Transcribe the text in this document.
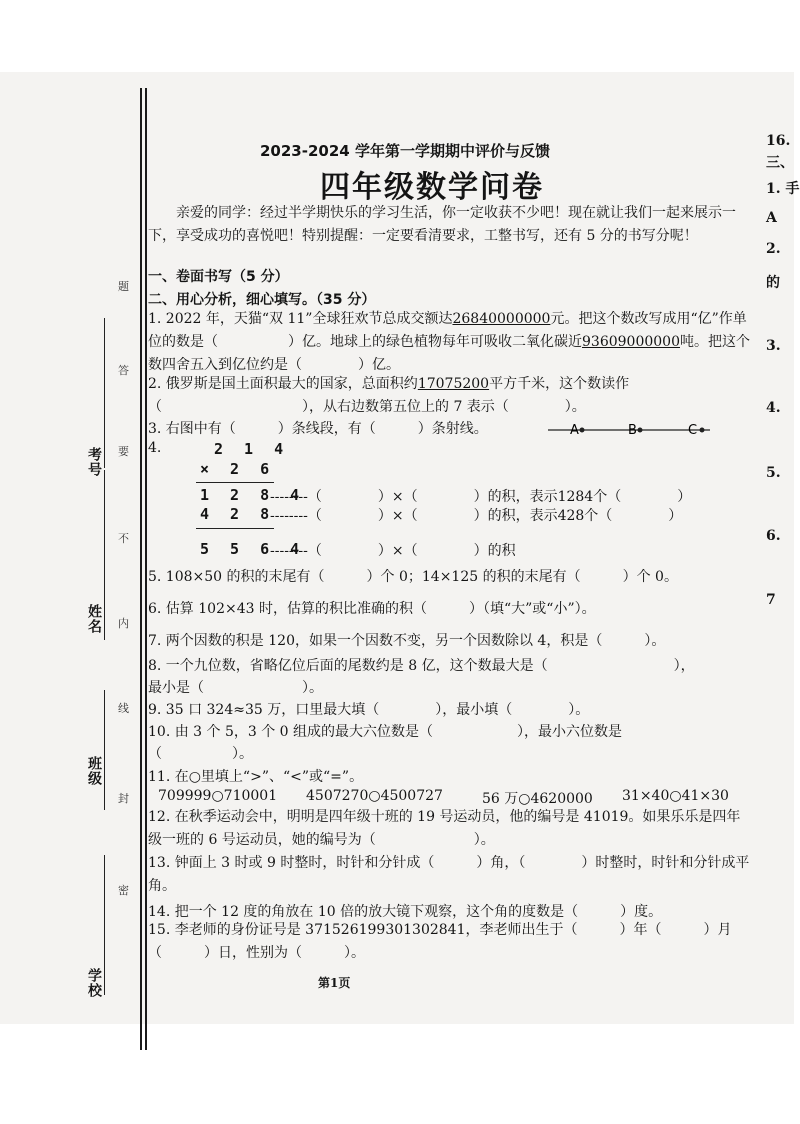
学校
班级
姓名
考号
题
答
要
不
内
线
封
密
2023-2024 学年第一学期期中评价与反馈
四年级数学问卷
亲爱的同学：经过半学期快乐的学习生活，你一定收获不少吧！现在就让我们一起来展示一下，享受成功的喜悦吧！特别提醒：一定要看清要求，工整书写，还有 5 分的书写分呢！
一、卷面书写（5 分）
二、用心分析，细心填写。（35 分）
1. 2022 年，天猫“双 11”全球狂欢节总成交额达26840000000元。把这个数改写成用“亿”作单位的数是（　　　　　）亿。地球上的绿色植物每年可吸收二氧化碳近93609000000吨。把这个数四舍五入到亿位约是（　　　　）亿。
2. 俄罗斯是国土面积最大的国家，总面积约17075200平方千米，这个数读作（　　　　　　　　　　），从右边数第五位上的 7 表示（　　　　）。
3. 右图中有（　　　）条线段，有（　　　）条射线。	A	B	C
4.	2 1 4
× 2 6
1 2 8 4
--------（　　　　）×（　　　　）的积，表示1284个（　　　　）
4 2 8
--------（　　　　）×（　　　　）的积，表示428个（　　　　）
5 5 6 4
--------（　　　　）×（　　　　）的积
5. 108×50 的积的末尾有（　　　）个 0；14×125 的积的末尾有（　　　）个 0。
6. 估算 102×43 时，估算的积比准确的积（　　　）（填“大”或“小”）。
7. 两个因数的积是 120，如果一个因数不变，另一个因数除以 4，积是（　　　）。
8. 一个九位数，省略亿位后面的尾数约是 8 亿，这个数最大是（　　　　　　　　　），
最小是（　　　　　　　）。
9. 35 口 324≈35 万，口里最大填（　　　　），最小填（　　　　）。
10. 由 3 个 5，3 个 0 组成的最大六位数是（　　　　　　），最小六位数是
（　　　　　）。
11. 在○里填上“>”、“<”或“=”。
709999○710001 4507270○4500727	56 万○4620000 31×40○41×30
12. 在秋季运动会中，明明是四年级十班的 19 号运动员，他的编号是 41019。如果乐乐是四年级一班的 6 号运动员，她的编号为（　　　　　　　）。
13. 钟面上 3 时或 9 时整时，时针和分针成（　　　）角，（　　　　）时整时，时针和分针成平角。
14. 把一个 12 度的角放在 10 倍的放大镜下观察，这个角的度数是（　　　）度。
15. 李老师的身份证号是 371526199301302841，李老师出生于（　　　）年（　　　）月（　　　）日，性别为（　　　）。
第1页
16.
三、
1. 手
A
2.
的
3.
4.
5.
6.
7
